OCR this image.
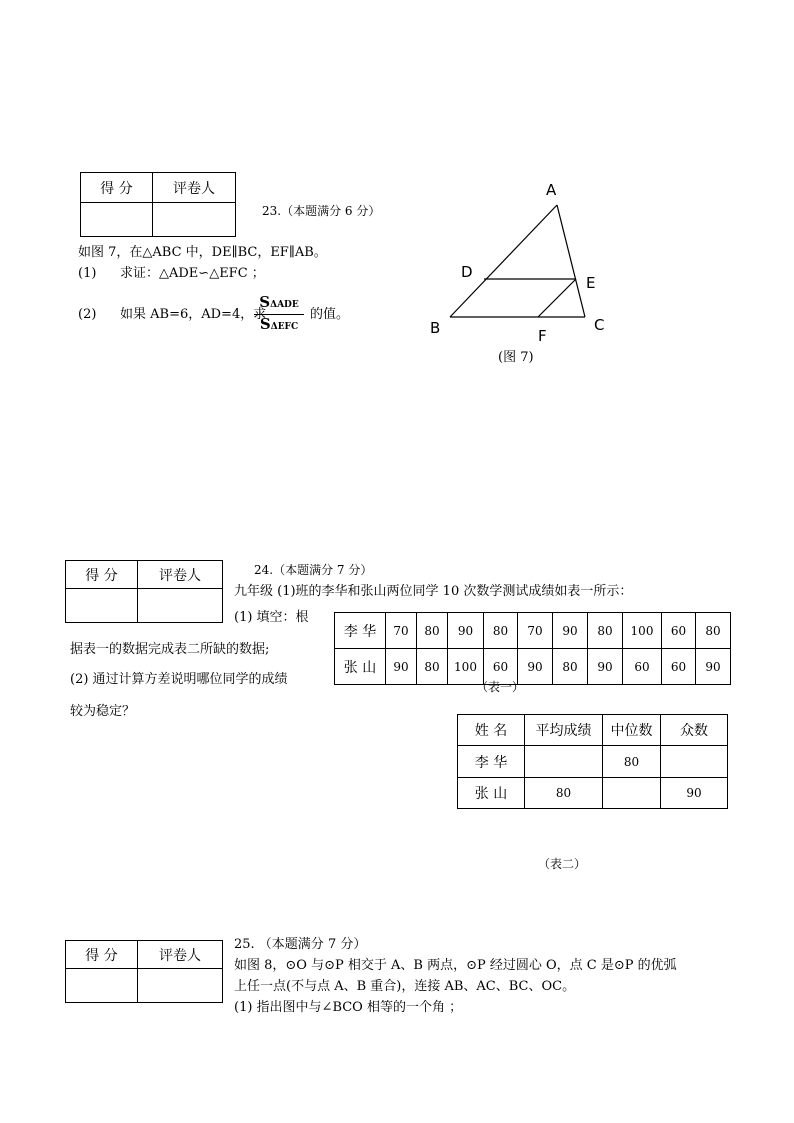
得 分	评卷人

23.（本题满分 6 分）
如图 7，在△ABC 中，DE∥BC，EF∥AB。
(1) 求证：△ADE∽△EFC ；
(2) 如果 AB=6，AD=4，求
SΔADE
SΔEFC
的值。
A
D
E
B	F
C
(图 7)
得 分	评卷人
		24.（本题满分 7 分）
九年级 (1)班的李华和张山两位同学 10 次数学测试成绩如表一所示：
(1) 填空：根
据表一的数据完成表二所缺的数据;
(2) 通过计算方差说明哪位同学的成绩
较为稳定？
李 华	70	80	90	80	70	90	80	100	60	80
张 山	90	80	100	60	90	80	90	60	60	90
（表一）
姓 名	平均成绩	中位数	众数
李 华		80	
张 山	80		90
（表二）
得 分	评卷人

25. （本题满分 7 分）
如图 8，⊙O 与⊙P 相交于 A、B 两点，⊙P 经过圆心 O，点 C 是⊙P 的优弧
上任一点(不与点 A、B 重合)，连接 AB、AC、BC、OC。
(1) 指出图中与∠BCO 相等的一个角 ；
